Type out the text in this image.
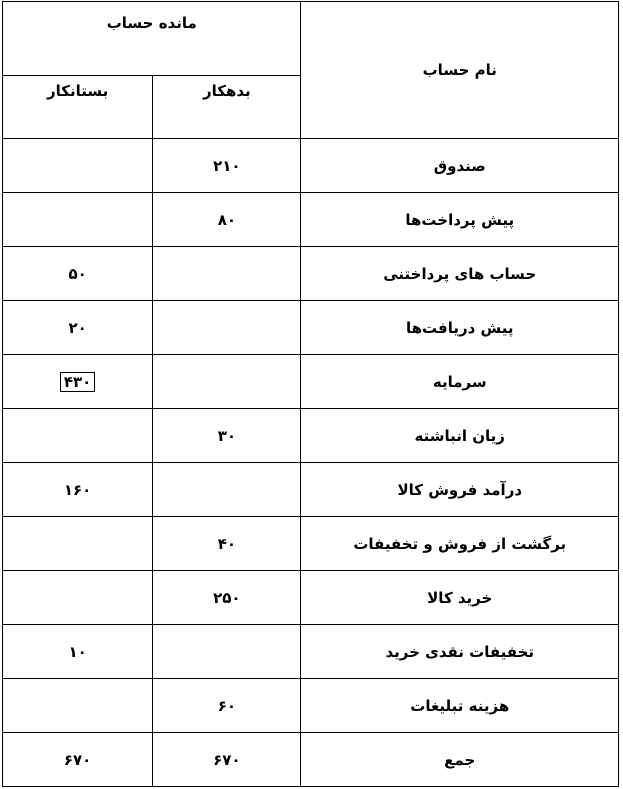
مانده حساب		نام حساب
بستانکار	بدهکار	
	۲۱۰	صندوق
	۸۰	پیش پرداخت‌ها
۵۰		حساب های پرداختنی
۲۰		پیش دریافت‌ها
۴۳۰		سرمایه
	۳۰	زیان انباشته
۱۶۰		درآمد فروش کالا
	۴۰	برگشت از فروش و تخفیفات
	۲۵۰	خرید کالا
۱۰		تخفیفات نقدی خرید
	۶۰	هزینه تبلیغات
۶۷۰	۶۷۰	جمع
